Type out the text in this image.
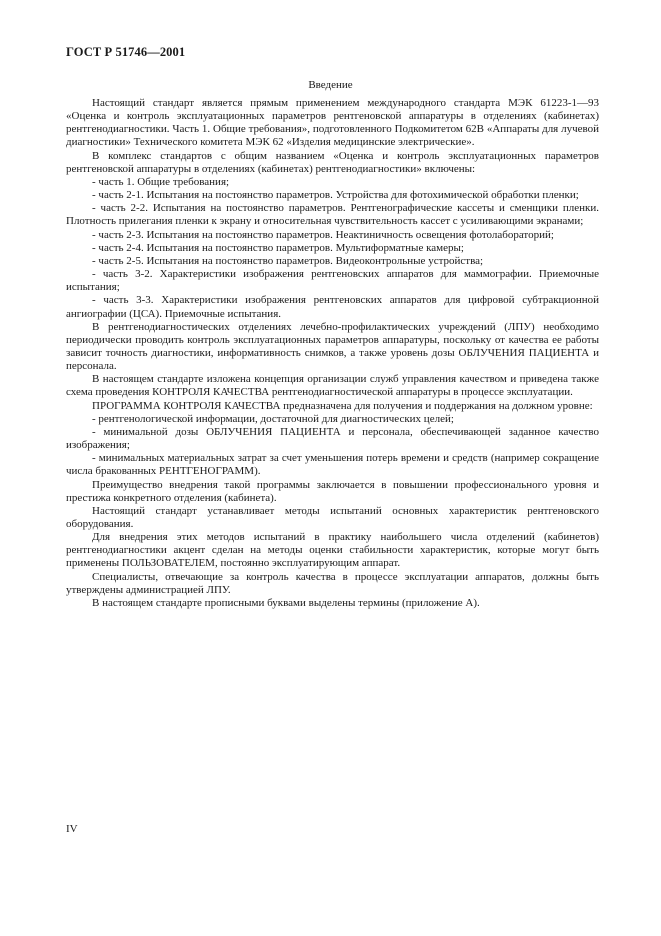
ГОСТ Р 51746—2001
Введение

Настоящий стандарт является прямым применением международного стандарта МЭК 61223-1—93 «Оценка и контроль эксплуатационных параметров рентгеновской аппаратуры в отделениях (кабинетах) рентгенодиагностики. Часть 1. Общие требования», подготовленного Подкомитетом 62В «Аппараты для лучевой диагностики» Технического комитета МЭК 62 «Изделия медицинские электрические».

В комплекс стандартов с общим названием «Оценка и контроль эксплуатационных параметров рентгеновской аппаратуры в отделениях (кабинетах) рентгенодиагностики» включены:

- часть 1. Общие требования;

- часть 2-1. Испытания на постоянство параметров. Устройства для фотохимической обработки пленки;

- часть 2-2. Испытания на постоянство параметров. Рентгенографические кассеты и сменщики пленки. Плотность прилегания пленки к экрану и относительная чувствительность кассет с усиливающими экранами;

- часть 2-3. Испытания на постоянство параметров. Неактиничность освещения фотолабораторий;

- часть 2-4. Испытания на постоянство параметров. Мультиформатные камеры;

- часть 2-5. Испытания на постоянство параметров. Видеоконтрольные устройства;

- часть 3-2. Характеристики изображения рентгеновских аппаратов для маммографии. Приемочные испытания;

- часть 3-3. Характеристики изображения рентгеновских аппаратов для цифровой субтракционной ангиографии (ЦСА). Приемочные испытания.

В рентгенодиагностических отделениях лечебно-профилактических учреждений (ЛПУ) необходимо периодически проводить контроль эксплуатационных параметров аппаратуры, поскольку от качества ее работы зависит точность диагностики, информативность снимков, а также уровень дозы ОБЛУЧЕНИЯ ПАЦИЕНТА и персонала.

В настоящем стандарте изложена концепция организации служб управления качеством и приведена также схема проведения КОНТРОЛЯ КАЧЕСТВА рентгенодиагностической аппаратуры в процессе эксплуатации.

ПРОГРАММА КОНТРОЛЯ КАЧЕСТВА предназначена для получения и поддержания на должном уровне:

- рентгенологической информации, достаточной для диагностических целей;

- минимальной дозы ОБЛУЧЕНИЯ ПАЦИЕНТА и персонала, обеспечивающей заданное качество изображения;

- минимальных материальных затрат за счет уменьшения потерь времени и средств (например сокращение числа бракованных РЕНТГЕНОГРАММ).

Преимущество внедрения такой программы заключается в повышении профессионального уровня и престижа конкретного отделения (кабинета).

Настоящий стандарт устанавливает методы испытаний основных характеристик рентгеновского оборудования.

Для внедрения этих методов испытаний в практику наибольшего числа отделений (кабинетов) рентгенодиагностики акцент сделан на методы оценки стабильности характеристик, которые могут быть применены ПОЛЬЗОВАТЕЛЕМ, постоянно эксплуатирующим аппарат.

Специалисты, отвечающие за контроль качества в процессе эксплуатации аппаратов, должны быть утверждены администрацией ЛПУ.

В настоящем стандарте прописными буквами выделены термины (приложение А).

IV
